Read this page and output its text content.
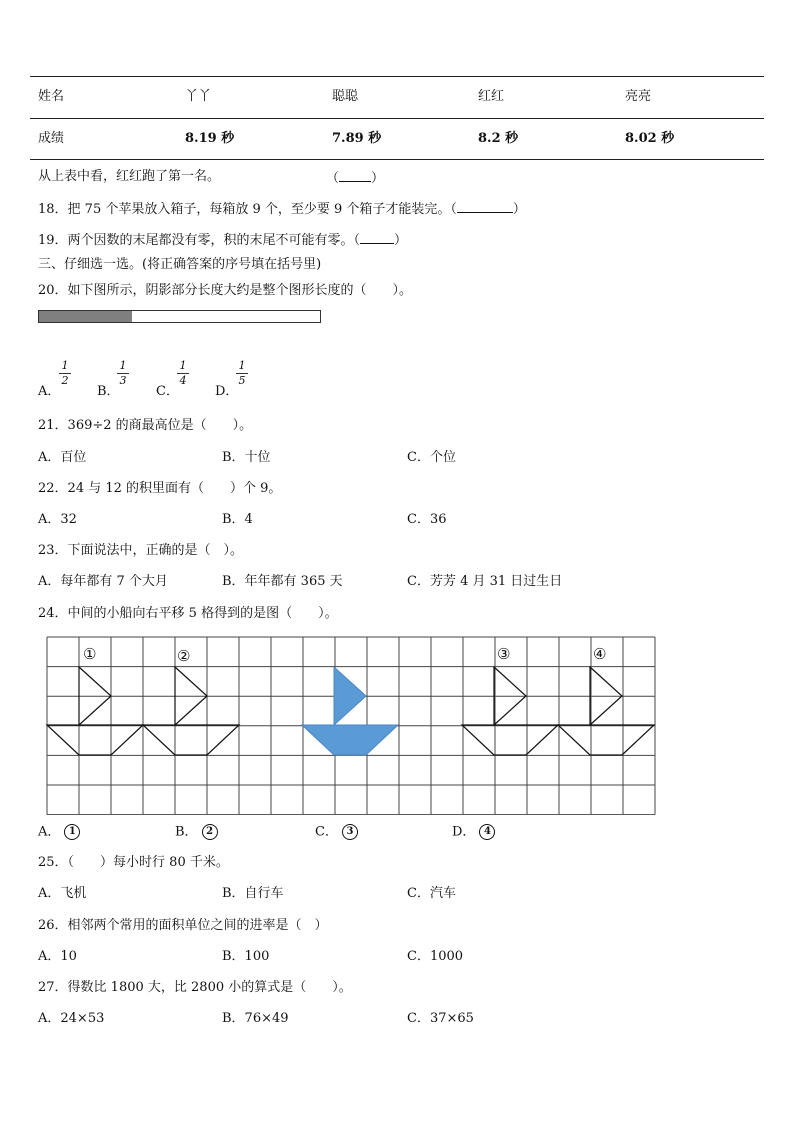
姓名	丫丫	聪聪	红红	亮亮
成绩	8.19 秒	7.89 秒	8.2 秒	8.02 秒
从上表中看，红红跑了第一名。	（ ）
18．把 75 个苹果放入箱子，每箱放 9 个，至少要 9 个箱子才能装完。（	）
19．两个因数的末尾都没有零，积的末尾不可能有零。（	）
三、仔细选一选。(将正确答案的序号填在括号里)
20．如下图所示，阴影部分长度大约是整个图形长度的（　　）。
A．
1
2
B．
1
3
C．
1
4
D．
1
5
21．369÷2 的商最高位是（　　）。
A．百位	B．十位	C．个位
22．24 与 12 的积里面有（　　）个 9。
A．32	B．4	C．36
23．下面说法中，正确的是（　）。
A．每年都有 7 个大月	B．年年都有 365 天	C．芳芳 4 月 31 日过生日
24．中间的小船向右平移 5 格得到的是图（　　）。
①	②	③	④
A． 1	B． 2	C． 3	D． 4
25．（　　）每小时行 80 千米。
A．飞机	B．自行车	C．汽车
26．相邻两个常用的面积单位之间的进率是（　）
A．10	B．100	C．1000
27．得数比 1800 大，比 2800 小的算式是（　　）。
A．24×53	B．76×49	C．37×65
